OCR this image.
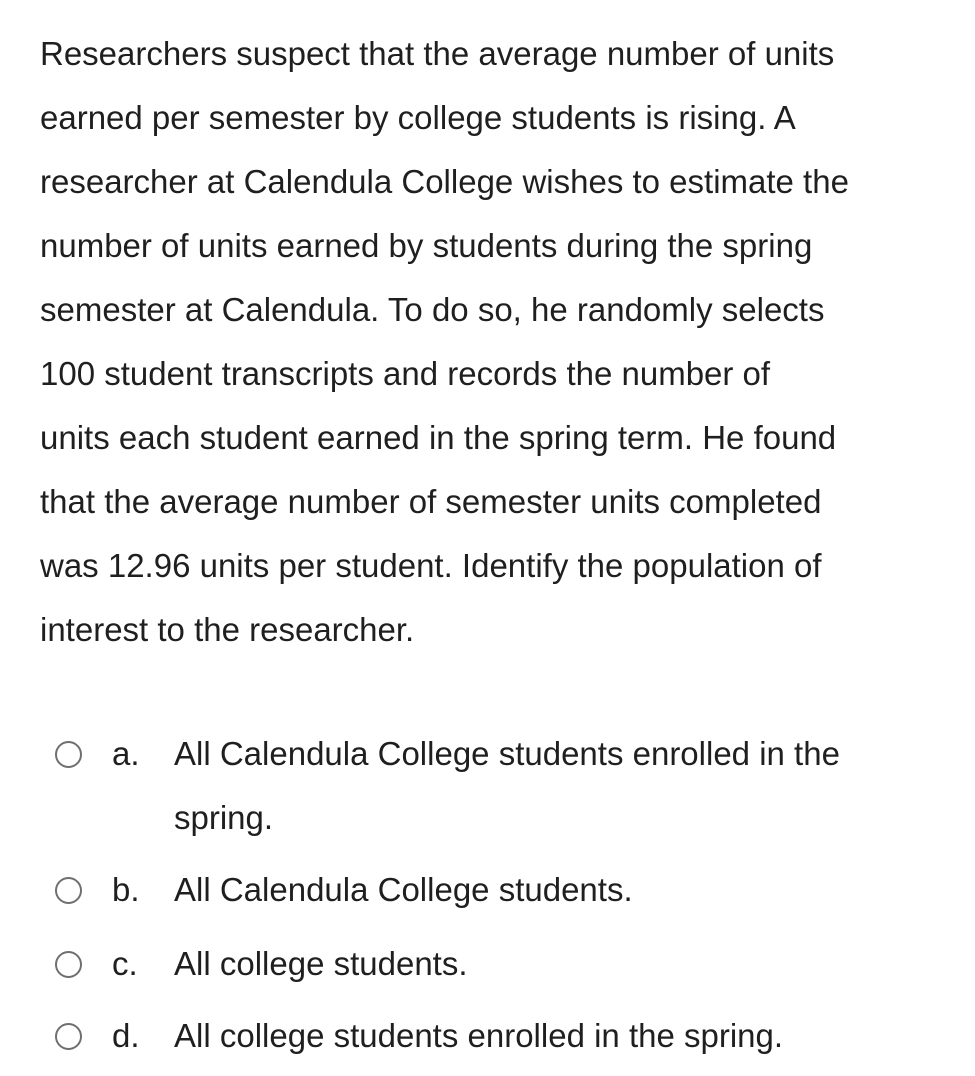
Researchers suspect that the average number of units
earned per semester by college students is rising. A
researcher at Calendula College wishes to estimate the
number of units earned by students during the spring
semester at Calendula. To do so, he randomly selects
100 student transcripts and records the number of
units each student earned in the spring term. He found
that the average number of semester units completed
was 12.96 units per student. Identify the population of
interest to the researcher.
a. All Calendula College students enrolled in the
spring.
b. All Calendula College students.
c. All college students.
d. All college students enrolled in the spring.
